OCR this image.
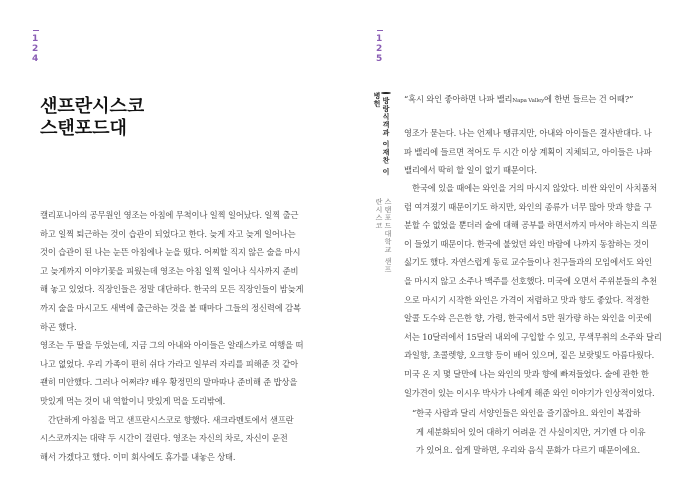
1
2
4
샌프란시스코
스탠포드대
캘리포니아의 공무원인 영조는 아침에 무척이나 일찍 일어났다. 일찍 출근
하고 일찍 퇴근하는 것이 습관이 되었다고 한다. 늦게 자고 늦게 일어나는
것이 습관이 된 나는 눈뜬 아침에나 눈을 떴다. 어찌할 직지 않은 술을 마시
고 늦게까지 이야기꽃을 피웠는데 영조는 아침 일찍 일어나 식사까지 준비
해 놓고 있었다. 직장인들은 정말 대단하다. 한국의 모든 직장인들이 밤늦게
까지 술을 마시고도 새벽에 출근하는 것을 볼 때마다 그들의 정신력에 감복
하곤 했다.
영조는 두 딸을 두었는데, 지금 그의 아내와 아이들은 알래스카로 여행을 떠
나고 없었다. 우리 가족이 편히 쉬다 가라고 일부러 자리를 피해준 것 같아
괜히 미안했다. 그러나 어쩌랴? 배우 황정민의 말마따나 준비해 준 밥상을
맛있게 먹는 것이 내 역할이니 맛있게 먹을 도리밖에.
간단하게 아침을 먹고 샌프란시스코로 향했다. 새크라멘토에서 샌프란
시스코까지는 대략 두 시간이 걸린다. 영조는 자신의 차로, 자신이 운전
해서 가겠다고 했다. 이미 회사에도 휴가를 내놓은 상태.
1
2
5
방랑식객과 이재찬 이병헌
스탠포드대학교 샌프란시스코
“혹시 와인 좋아하면 나파 밸리Napa Valley에 한번 들르는 건 어때?”
영조가 묻는다. 나는 언제나 땡큐지만, 아내와 아이들은 결사반대다. 나
파 밸리에 들르면 적어도 두 시간 이상 계획이 지체되고, 아이들은 나파
밸리에서 딱히 할 일이 없기 때문이다.
한국에 있을 때에는 와인을 거의 마시지 않았다. 비싼 와인이 사치품처
럼 여겨졌기 때문이기도 하지만, 와인의 종류가 너무 많아 맛과 향을 구
분할 수 없었을 뿐더러 술에 대해 공부를 하면서까지 마셔야 하는지 의문
이 들었기 때문이다. 한국에 불었던 와인 바람에 나까지 동참하는 것이
싫기도 했다. 자연스럽게 동료 교수들이나 친구들과의 모임에서도 와인
을 마시지 않고 소주나 맥주를 선호했다. 미국에 오면서 주위분들의 추천
으로 마시기 시작한 와인은 가격이 저렴하고 맛과 향도 좋았다. 적정한
알콜 도수와 은은한 향, 가령, 한국에서 5만 원가량 하는 와인을 이곳에
서는 10달러에서 15달러 내외에 구입할 수 있고, 무색무취의 소주와 달리
과일향, 초콜렛향, 오크향 등이 배어 있으며, 짙은 보랏빛도 아름다웠다.
미국 온 지 몇 달만에 나는 와인의 맛과 향에 빠져들었다. 술에 관한 한
일가견이 있는 이시우 박사가 나에게 해준 와인 이야기가 인상적이었다.
“한국 사람과 달리 서양인들은 와인을 즐기잖아요. 와인이 복잡하
게 세분화되어 있어 대하기 어려운 건 사실이지만, 거기엔 다 이유
가 있어요. 쉽게 말하면, 우리와 음식 문화가 다르기 때문이에요.
